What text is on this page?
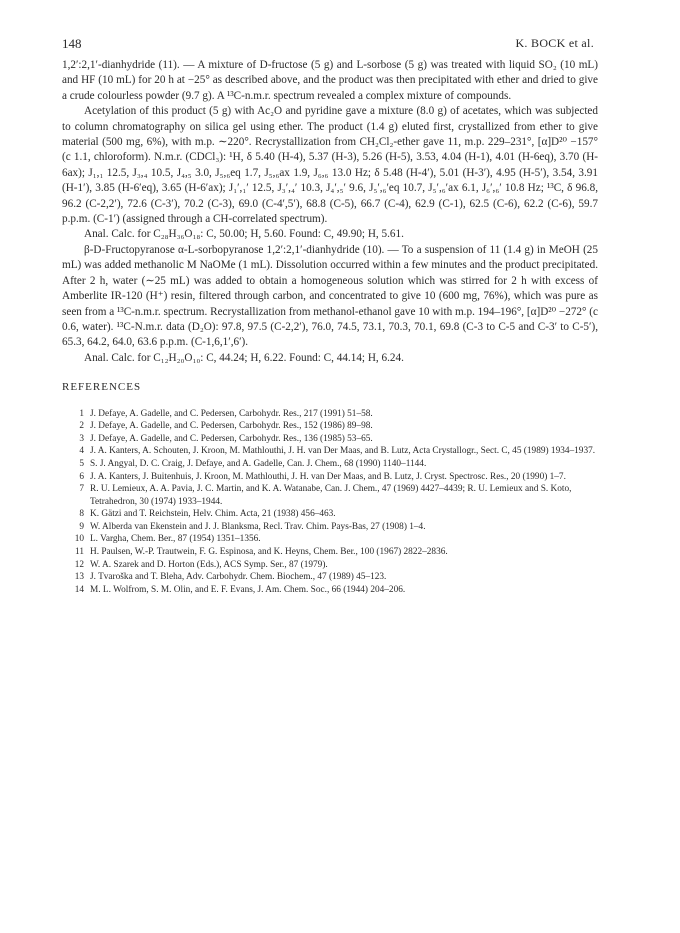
148	K. BOCK et al.

1,2′:2,1′-dianhydride (11). — A mixture of D-fructose (5 g) and L-sorbose (5 g) was treated with liquid SO₂ (10 mL) and HF (10 mL) for 20 h at −25° as described above, and the product was then precipitated with ether and dried to give a crude colourless powder (9.7 g). A ¹³C-n.m.r. spectrum revealed a complex mixture of compounds.

Acetylation of this product (5 g) with Ac₂O and pyridine gave a mixture (8.0 g) of acetates, which was subjected to column chromatography on silica gel using ether. The product (1.4 g) eluted first, crystallized from ether to give material (500 mg, 6%), with m.p. ∼220°. Recrystallization from CH₂Cl₂-ether gave 11, m.p. 229–231°, [α]D²⁰ −157° (c 1.1, chloroform). N.m.r. (CDCl₃): ¹H, δ 5.40 (H-4), 5.37 (H-3), 5.26 (H-5), 3.53, 4.04 (H-1), 4.01 (H-6eq), 3.70 (H-6ax); J₁,₁ 12.5, J₃,₄ 10.5, J₄,₅ 3.0, J₅,₆eq 1.7, J₅,₆ax 1.9, J₆,₆ 13.0 Hz; δ 5.48 (H-4′), 5.01 (H-3′), 4.95 (H-5′), 3.54, 3.91 (H-1′), 3.85 (H-6′eq), 3.65 (H-6′ax); J₁′,₁′ 12.5, J₃′,₄′ 10.3, J₄′,₅′ 9.6, J₅′,₆′eq 10.7, J₅′,₆′ax 6.1, J₆′,₆′ 10.8 Hz; ¹³C, δ 96.8, 96.2 (C-2,2′), 72.6 (C-3′), 70.2 (C-3), 69.0 (C-4′,5′), 68.8 (C-5), 66.7 (C-4), 62.9 (C-1), 62.5 (C-6), 62.2 (C-6), 59.7 p.p.m. (C-1′) (assigned through a CH-correlated spectrum).

Anal. Calc. for C₂₈H₃₆O₁₈: C, 50.00; H, 5.60. Found: C, 49.90; H, 5.61.

β-D-Fructopyranose α-L-sorbopyranose 1,2′:2,1′-dianhydride (10). — To a suspension of 11 (1.4 g) in MeOH (25 mL) was added methanolic M NaOMe (1 mL). Dissolution occurred within a few minutes and the product precipitated. After 2 h, water (∼25 mL) was added to obtain a homogeneous solution which was stirred for 2 h with excess of Amberlite IR-120 (H⁺) resin, filtered through carbon, and concentrated to give 10 (600 mg, 76%), which was pure as seen from a ¹³C-n.m.r. spectrum. Recrystallization from methanol-ethanol gave 10 with m.p. 194–196°, [α]D²⁰ −272° (c 0.6, water). ¹³C-N.m.r. data (D₂O): 97.8, 97.5 (C-2,2′), 76.0, 74.5, 73.1, 70.3, 70.1, 69.8 (C-3 to C-5 and C-3′ to C-5′), 65.3, 64.2, 64.0, 63.6 p.p.m. (C-1,6,1′,6′).

Anal. Calc. for C₁₂H₂₀O₁₀: C, 44.24; H, 6.22. Found: C, 44.14; H, 6.24.

REFERENCES
1 J. Defaye, A. Gadelle, and C. Pedersen, Carbohydr. Res., 217 (1991) 51–58.
2 J. Defaye, A. Gadelle, and C. Pedersen, Carbohydr. Res., 152 (1986) 89–98.
3 J. Defaye, A. Gadelle, and C. Pedersen, Carbohydr. Res., 136 (1985) 53–65.
4 J. A. Kanters, A. Schouten, J. Kroon, M. Mathlouthi, J. H. van Der Maas, and B. Lutz, Acta Crystallogr., Sect. C, 45 (1989) 1934–1937.
5 S. J. Angyal, D. C. Craig, J. Defaye, and A. Gadelle, Can. J. Chem., 68 (1990) 1140–1144.
6 J. A. Kanters, J. Buitenhuis, J. Kroon, M. Mathlouthi, J. H. van Der Maas, and B. Lutz, J. Cryst. Spectrosc. Res., 20 (1990) 1–7.
7 R. U. Lemieux, A. A. Pavia, J. C. Martin, and K. A. Watanabe, Can. J. Chem., 47 (1969) 4427–4439; R. U. Lemieux and S. Koto, Tetrahedron, 30 (1974) 1933–1944.
8 K. Gätzi and T. Reichstein, Helv. Chim. Acta, 21 (1938) 456–463.
9 W. Alberda van Ekenstein and J. J. Blanksma, Recl. Trav. Chim. Pays-Bas, 27 (1908) 1–4.
10 L. Vargha, Chem. Ber., 87 (1954) 1351–1356.
11 H. Paulsen, W.-P. Trautwein, F. G. Espinosa, and K. Heyns, Chem. Ber., 100 (1967) 2822–2836.
12 W. A. Szarek and D. Horton (Eds.), ACS Symp. Ser., 87 (1979).
13 J. Tvaroška and T. Bleha, Adv. Carbohydr. Chem. Biochem., 47 (1989) 45–123.
14 M. L. Wolfrom, S. M. Olin, and E. F. Evans, J. Am. Chem. Soc., 66 (1944) 204–206.
